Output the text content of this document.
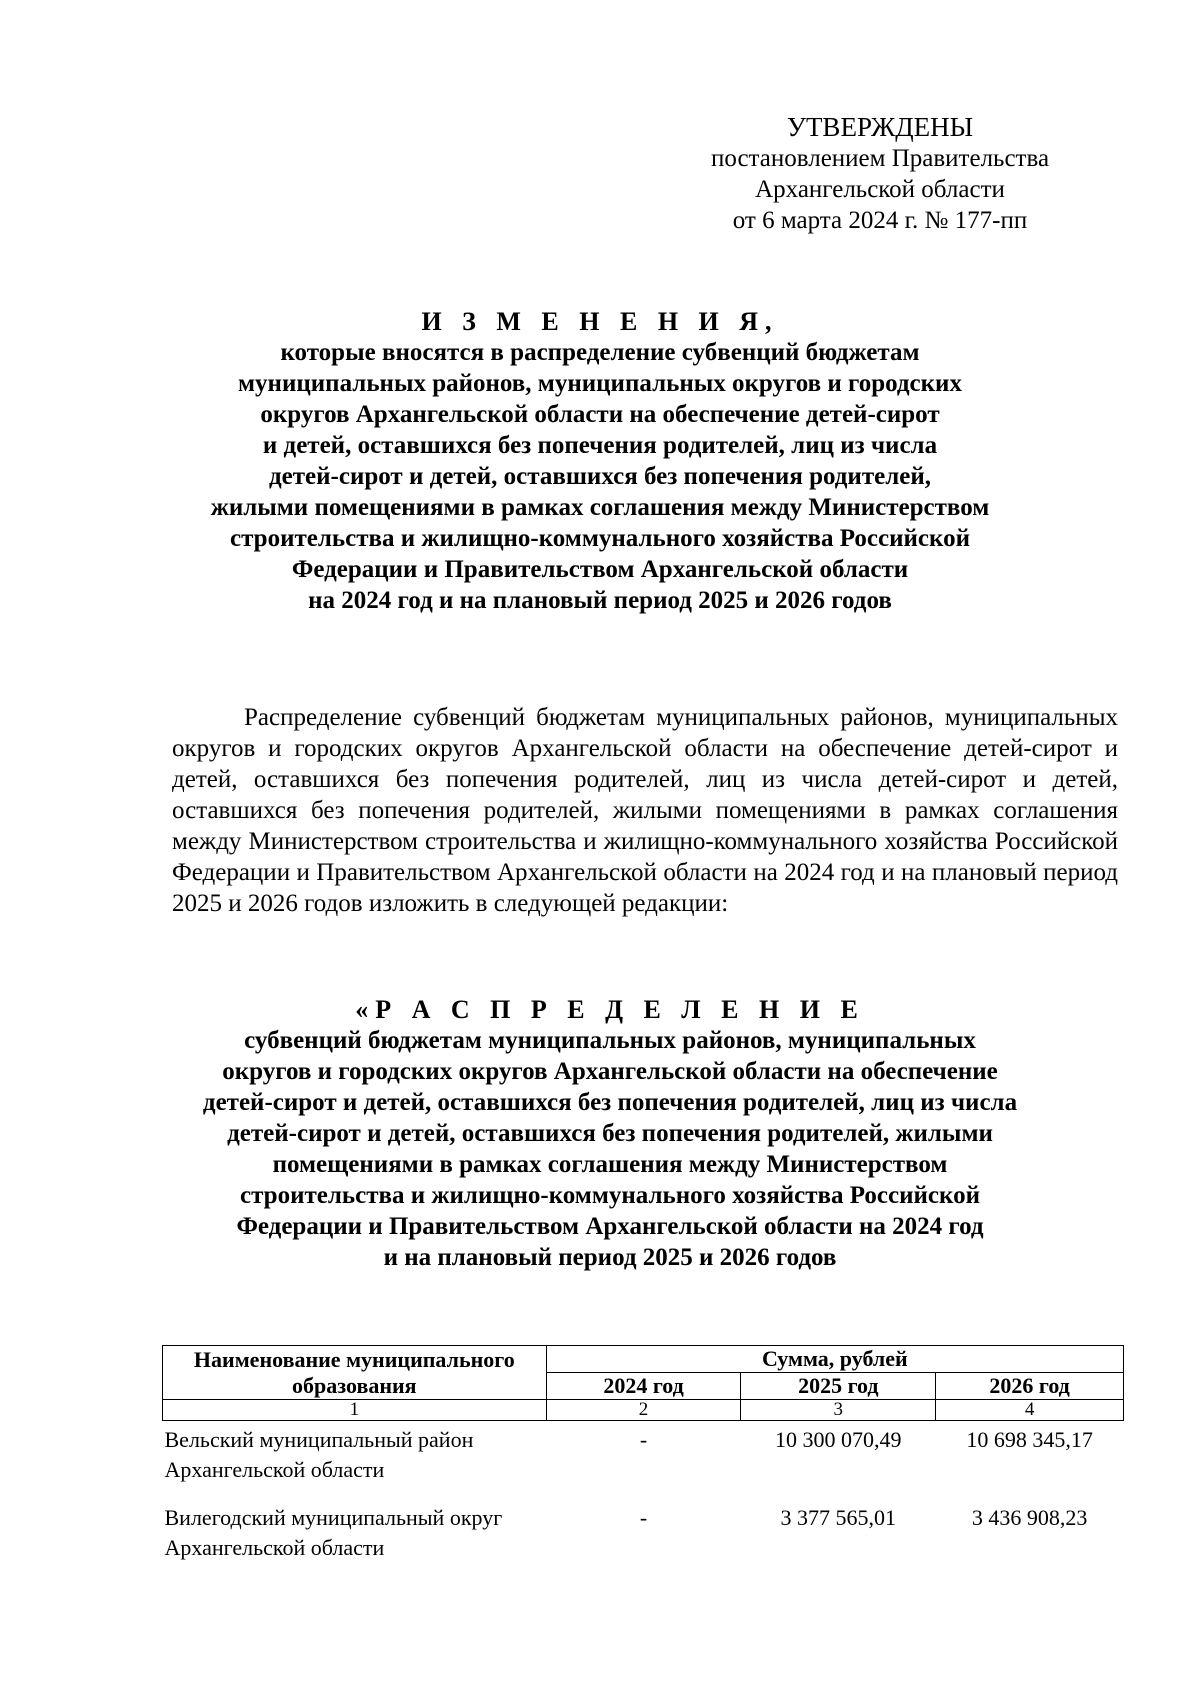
УТВЕРЖДЕНЫ
постановлением Правительства
Архангельской области
от 6 марта 2024 г. № 177-пп
И З М Е Н Е Н И Я,
которые вносятся в распределение субвенций бюджетам
муниципальных районов, муниципальных округов и городских
округов Архангельской области на обеспечение детей-сирот
и детей, оставшихся без попечения родителей, лиц из числа
детей-сирот и детей, оставшихся без попечения родителей,
жилыми помещениями в рамках соглашения между Министерством
строительства и жилищно-коммунального хозяйства Российской
Федерации и Правительством Архангельской области
на 2024 год и на плановый период 2025 и 2026 годов

Распределение субвенций бюджетам муниципальных районов, муниципальных округов и городских округов Архангельской области на обеспечение детей-сирот и детей, оставшихся без попечения родителей, лиц из числа детей-сирот и детей, оставшихся без попечения родителей, жилыми помещениями в рамках соглашения между Министерством строительства и жилищно-коммунального хозяйства Российской Федерации и Правительством Архангельской области на 2024 год и на плановый период 2025 и 2026 годов изложить в следующей редакции:

«Р А С П Р Е Д Е Л Е Н И Е
субвенций бюджетам муниципальных районов, муниципальных
округов и городских округов Архангельской области на обеспечение
детей-сирот и детей, оставшихся без попечения родителей, лиц из числа
детей-сирот и детей, оставшихся без попечения родителей, жилыми
помещениями в рамках соглашения между Министерством
строительства и жилищно-коммунального хозяйства Российской
Федерации и Правительством Архангельской области на 2024 год
и на плановый период 2025 и 2026 годов
Наименование муниципального образования	Сумма, рублей		
	2024 год	2025 год	2026 год
1	2	3	4
Вельский муниципальный район Архангельской области	-	10 300 070,49	10 698 345,17
Вилегодский муниципальный округ Архангельской области	-	3 377 565,01	3 436 908,23
